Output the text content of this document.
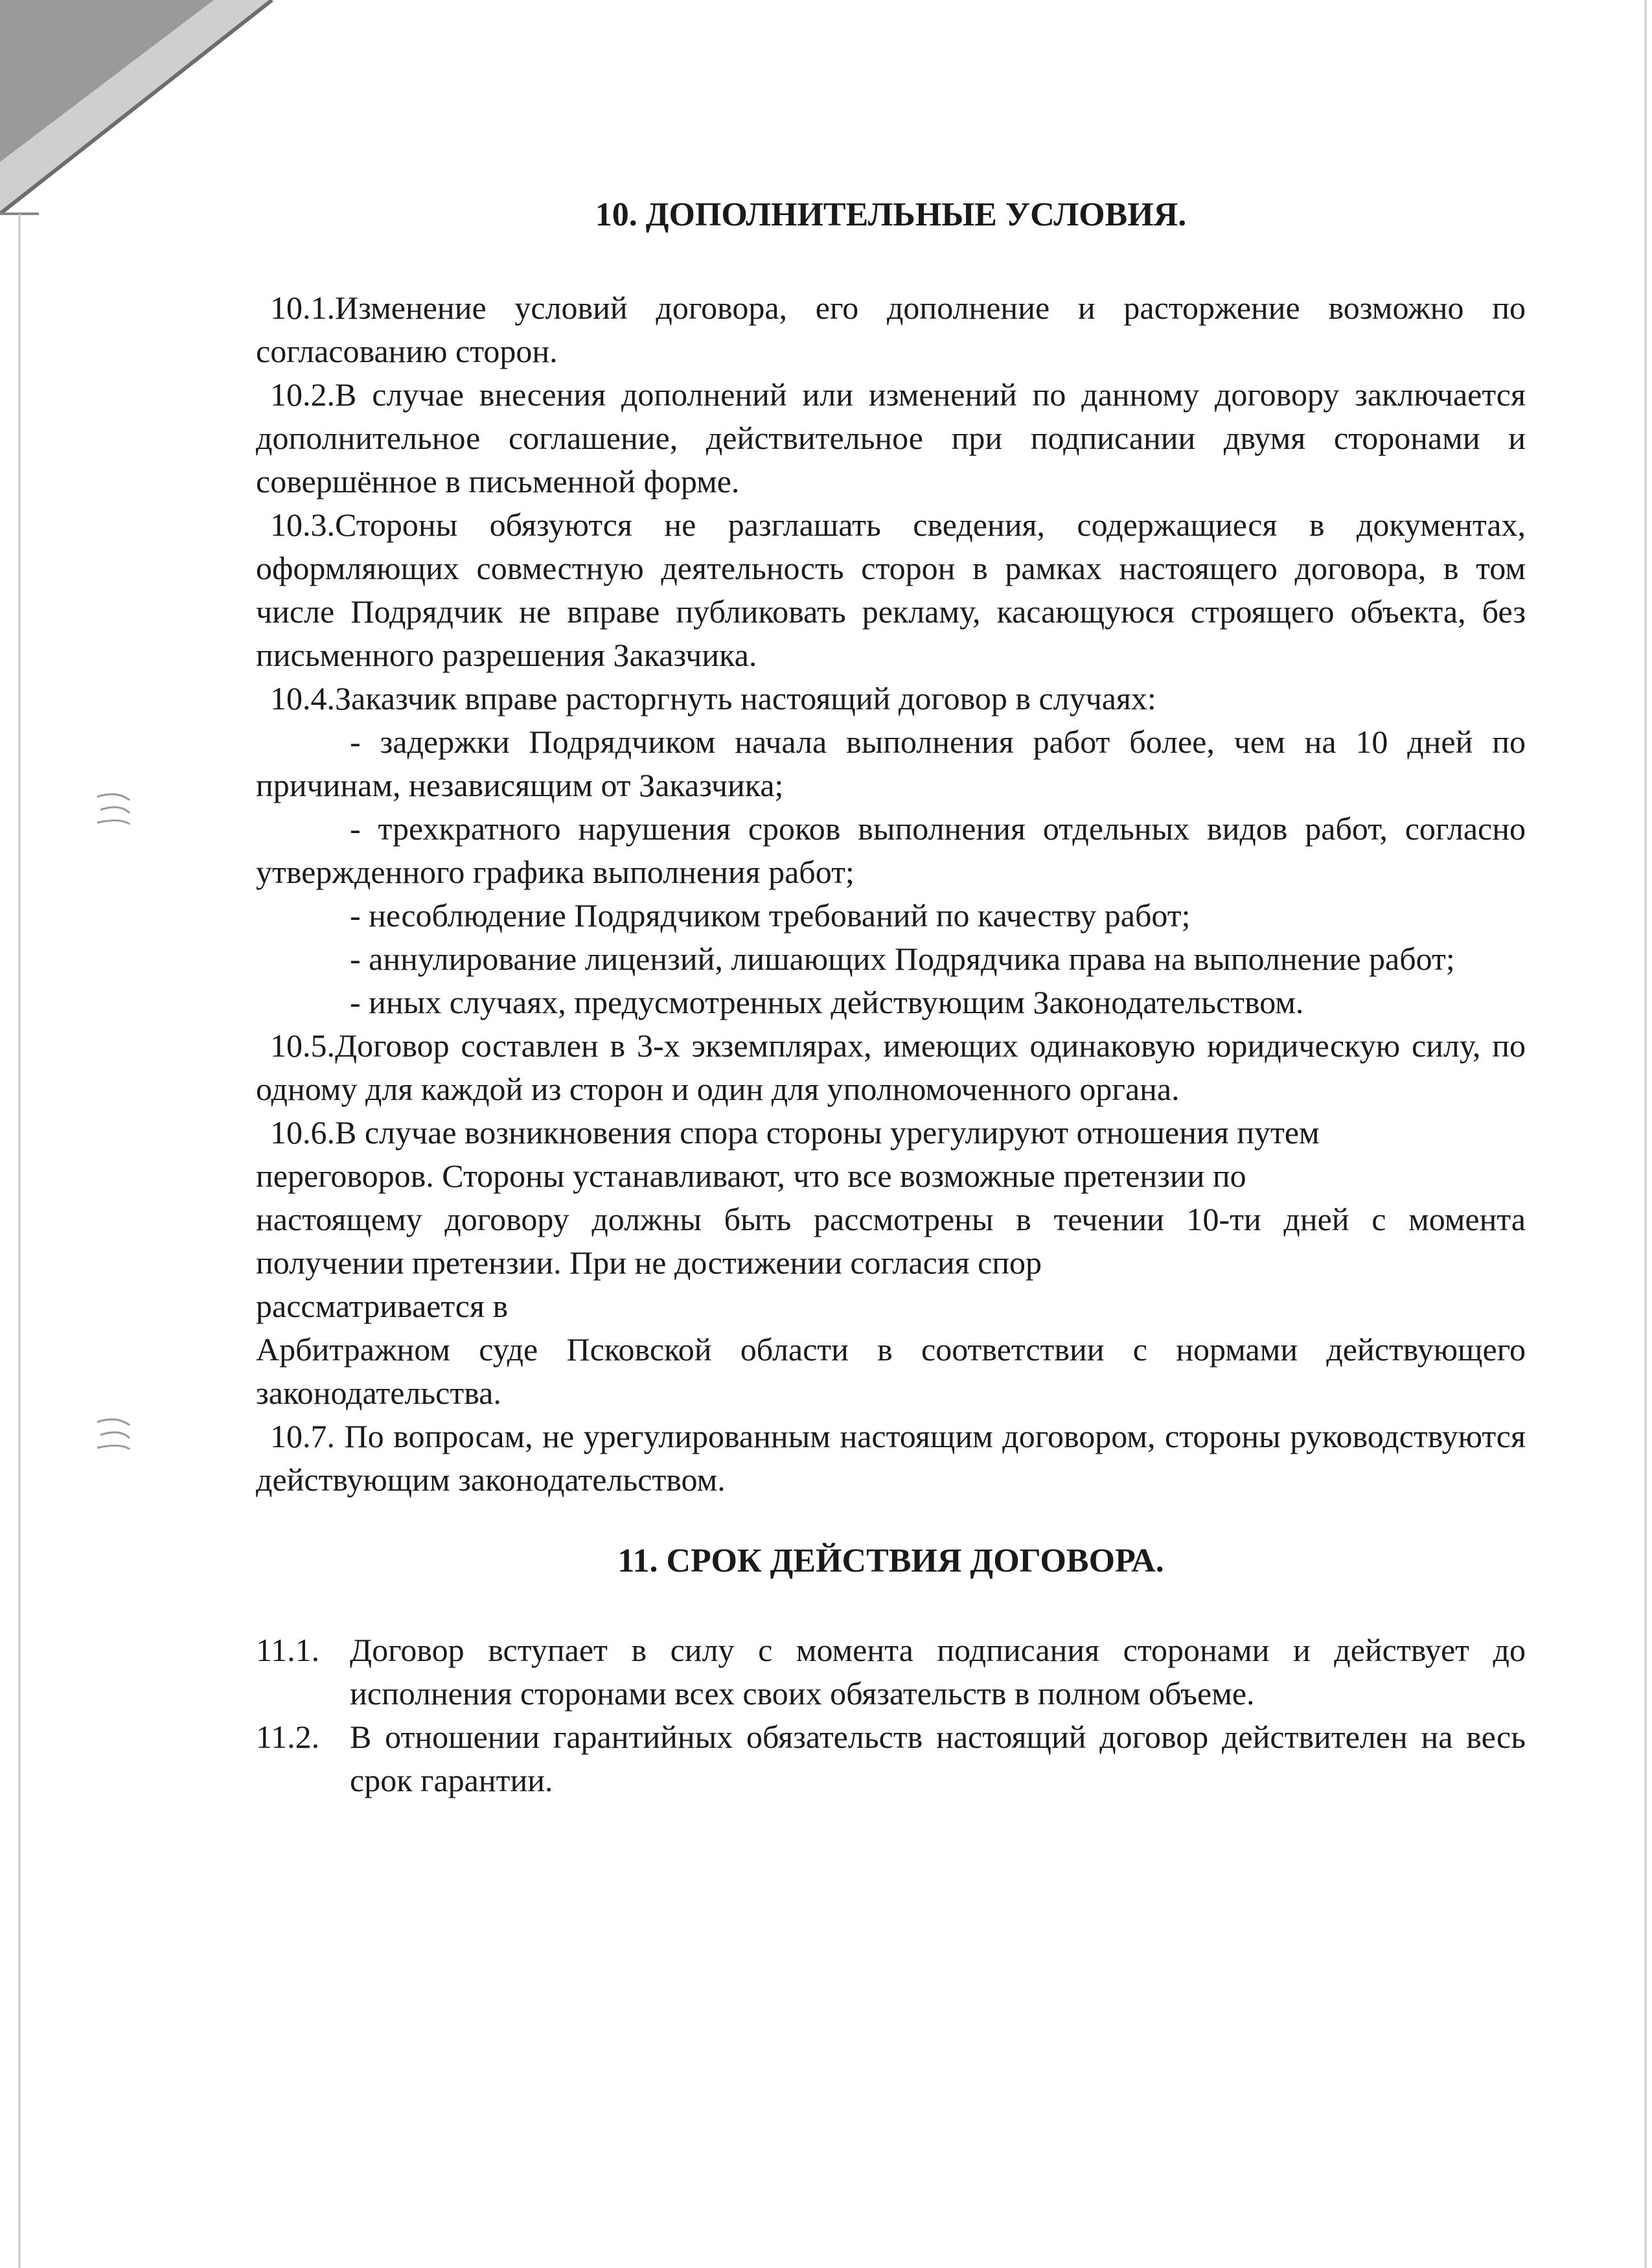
10. ДОПОЛНИТЕЛЬНЫЕ УСЛОВИЯ.

10.1.Изменение условий договора, его дополнение и расторжение возможно по согласованию сторон.

10.2.В случае внесения дополнений или изменений по данному договору заключается дополнительное соглашение, действительное при подписании двумя сторонами и совершённое в письменной форме.

10.3.Стороны обязуются не разглашать сведения, содержащиеся в документах, оформляющих совместную деятельность сторон в рамках настоящего договора, в том числе Подрядчик не вправе публиковать рекламу, касающуюся строящего объекта, без письменного разрешения Заказчика.

10.4.Заказчик вправе расторгнуть настоящий договор в случаях:

- задержки Подрядчиком начала выполнения работ более, чем на 10 дней по причинам, независящим от Заказчика;

- трехкратного нарушения сроков выполнения отдельных видов работ, согласно утвержденного графика выполнения работ;

- несоблюдение Подрядчиком требований по качеству работ;

- аннулирование лицензий, лишающих Подрядчика права на выполнение работ;

- иных случаях, предусмотренных действующим Законодательством.

10.5.Договор составлен в 3-х экземплярах, имеющих одинаковую юридическую силу, по одному для каждой из сторон и один для уполномоченного органа.

10.6.В случае возникновения спора стороны урегулируют отношения путем

переговоров. Стороны устанавливают, что все возможные претензии по

настоящему договору должны быть рассмотрены в течении 10-ти дней с момента получении претензии. При не достижении согласия спор

рассматривается в

Арбитражном суде Псковской области в соответствии с нормами действующего законодательства.

10.7. По вопросам, не урегулированным настоящим договором, стороны руководствуются действующим законодательством.

11. СРОК ДЕЙСТВИЯ ДОГОВОРА.
11.1. Договор вступает в силу с момента подписания сторонами и действует до исполнения сторонами всех своих обязательств в полном объеме.
11.2. В отношении гарантийных обязательств настоящий договор действителен на весь срок гарантии.
